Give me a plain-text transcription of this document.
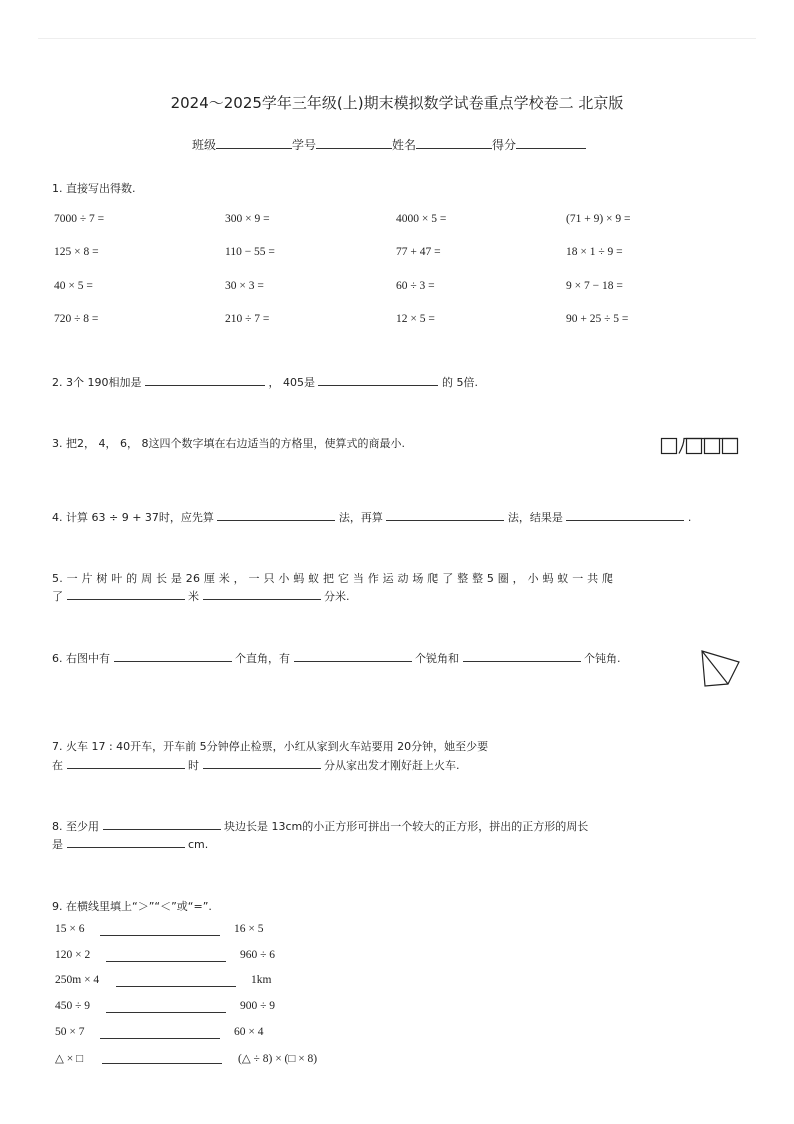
2024～2025学年三年级(上)期末模拟数学试卷重点学校卷二 北京版
班级	学号	姓名	得分
1. 直接写出得数.
7000 ÷ 7 =	300 × 9 =	4000 × 5 =	(71 + 9) × 9 =
125 × 8 =	110 − 55 =	77 + 47 =	18 × 1 ÷ 9 =
40 × 5 =	30 × 3 =	60 ÷ 3 =	9 × 7 − 18 =
720 ÷ 8 =	210 ÷ 7 =	12 × 5 =	90 + 25 ÷ 5 =
2. 3个 190相加是	， 405是	的 5倍.
3. 把2， 4， 6， 8这四个数字填在右边适当的方格里，使算式的商最小.
4. 计算 63 ÷ 9 + 37时，应先算	法，再算	法，结果是	.
5. 一 片 树 叶 的 周 长 是 26 厘 米 ， 一 只 小 蚂 蚁 把 它 当 作 运 动 场 爬 了 整 整 5 圈 ， 小 蚂 蚁 一 共 爬
了	米	分米.
6. 右图中有	个直角，有	个锐角和	个钝角.
7. 火车 17 : 40开车，开车前 5分钟停止检票，小红从家到火车站要用 20分钟，她至少要
在	时	分从家出发才刚好赶上火车.
8. 至少用	块边长是 13cm的小正方形可拼出一个较大的正方形，拼出的正方形的周长
是	cm.
9. 在横线里填上“＞”“＜”或“=”.
15 × 6	16 × 5
120 × 2	960 ÷ 6
250m × 4	1km
450 ÷ 9	900 ÷ 9
50 × 7	60 × 4
△ × □	(△ ÷ 8) × (□ × 8)
